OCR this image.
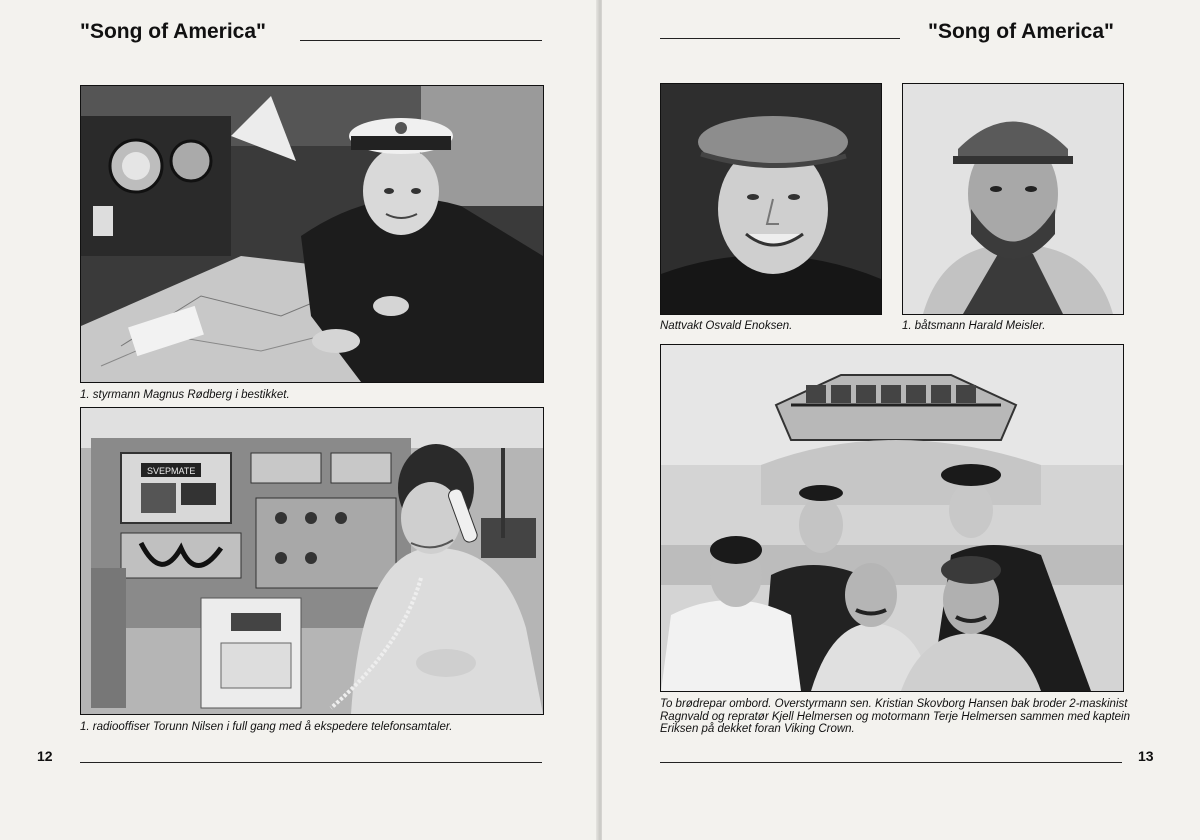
"Song of America"
1. styrmann Magnus Rødberg i bestikket.
SVEPMATE
1. radiooffiser Torunn Nilsen i full gang med å ekspedere telefonsamtaler.
12
"Song of America"
Nattvakt Osvald Enoksen.	1. båtsmann Harald Meisler.
To brødrepar ombord. Overstyrmann sen. Kristian Skovborg Hansen bak broder 2-maskinist Ragnvald og repratør Kjell Helmersen og motormann Terje Helmersen sammen med kaptein Eriksen på dekket foran Viking Crown.
13
